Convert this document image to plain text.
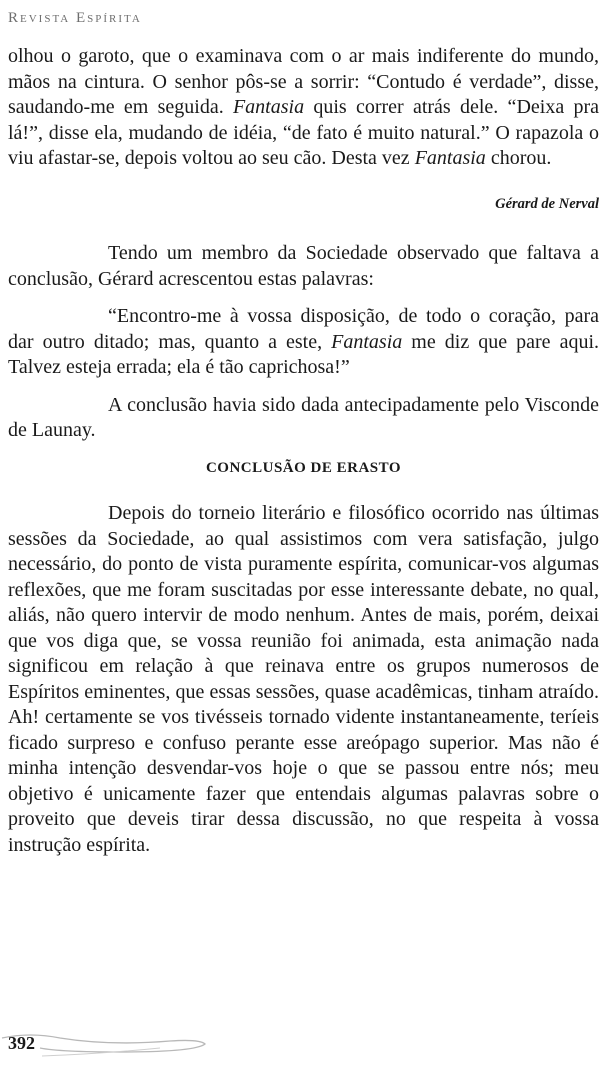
Revista Espírita

olhou o garoto, que o examinava com o ar mais indiferente do mundo, mãos na cintura. O senhor pôs-se a sorrir: “Contudo é verdade”, disse, saudando-me em seguida. Fantasia quis correr atrás dele. “Deixa pra lá!”, disse ela, mudando de idéia, “de fato é muito natural.” O rapazola o viu afastar-se, depois voltou ao seu cão. Desta vez Fantasia chorou.

Gérard de Nerval

Tendo um membro da Sociedade observado que faltava a conclusão, Gérard acrescentou estas palavras:

“Encontro-me à vossa disposição, de todo o coração, para dar outro ditado; mas, quanto a este, Fantasia me diz que pare aqui. Talvez esteja errada; ela é tão caprichosa!”

A conclusão havia sido dada antecipadamente pelo Visconde de Launay.

CONCLUSÃO DE ERASTO

Depois do torneio literário e filosófico ocorrido nas últimas sessões da Sociedade, ao qual assistimos com vera satisfação, julgo necessário, do ponto de vista puramente espírita, comunicar-vos algumas reflexões, que me foram suscitadas por esse interessante debate, no qual, aliás, não quero intervir de modo nenhum. Antes de mais, porém, deixai que vos diga que, se vossa reunião foi animada, esta animação nada significou em relação à que reinava entre os grupos numerosos de Espíritos eminentes, que essas sessões, quase acadêmicas, tinham atraído. Ah! certamente se vos tivésseis tornado vidente instantaneamente, teríeis ficado surpreso e confuso perante esse areópago superior. Mas não é minha intenção desvendar-vos hoje o que se passou entre nós; meu objetivo é unicamente fazer que entendais algumas palavras sobre o proveito que deveis tirar dessa discussão, no que respeita à vossa instrução espírita.

392
